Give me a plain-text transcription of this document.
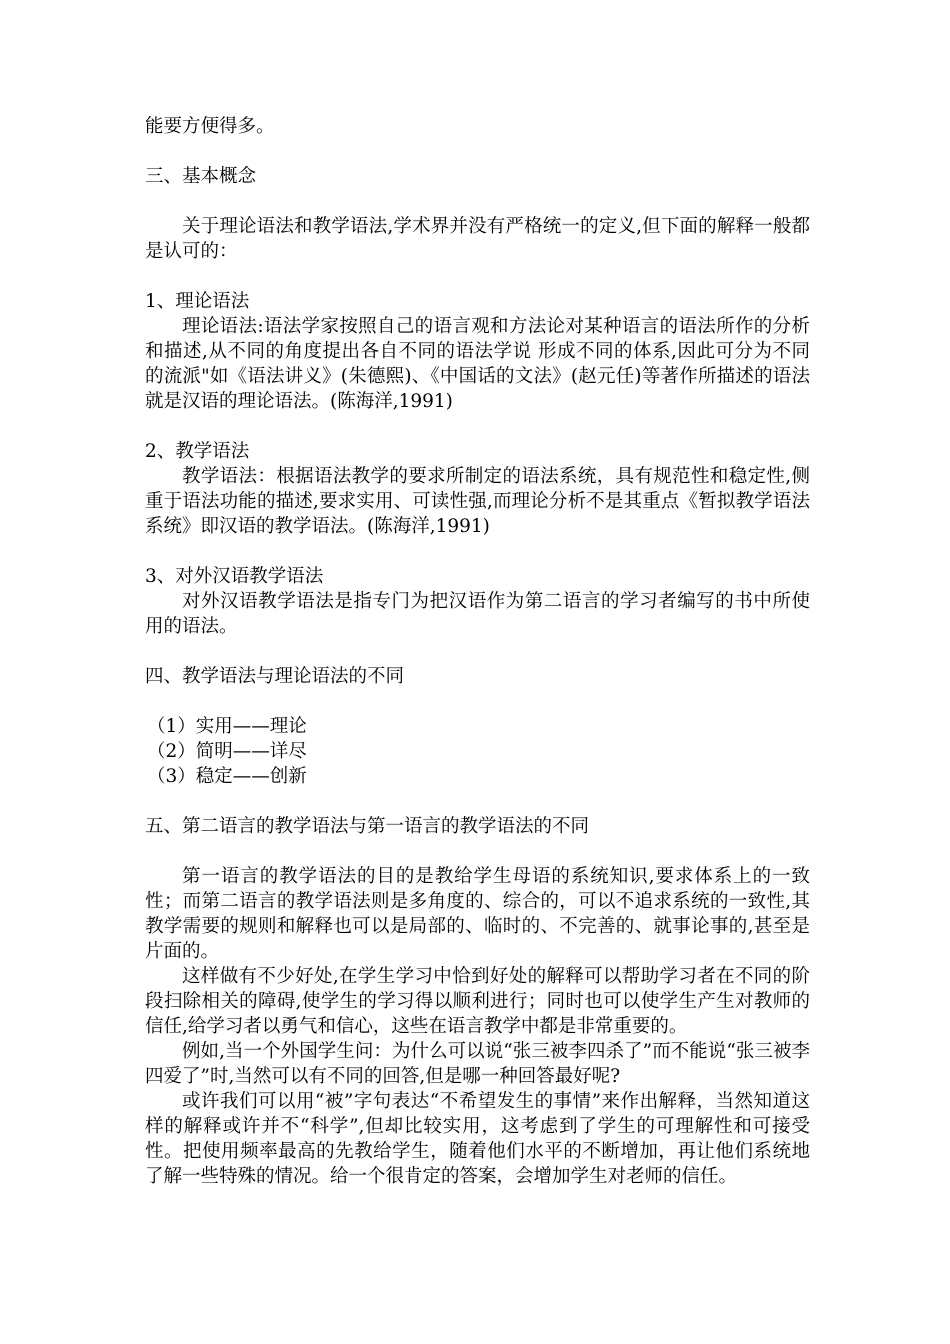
能要方便得多。

三、基本概念

关于理论语法和教学语法,学术界并没有严格统一的定义,但下面的解释一般都是认可的：

1、理论语法

理论语法:语法学家按照自己的语言观和方法论对某种语言的语法所作的分析和描述,从不同的角度提出各自不同的语法学说 形成不同的体系,因此可分为不同的流派"如《语法讲义》(朱德熙)、《中国话的文法》(赵元任)等著作所描述的语法就是汉语的理论语法。(陈海洋,1991)

2、教学语法

教学语法：根据语法教学的要求所制定的语法系统，具有规范性和稳定性,侧重于语法功能的描述,要求实用、可读性强,而理论分析不是其重点《暂拟教学语法系统》即汉语的教学语法。(陈海洋,1991)

3、对外汉语教学语法

对外汉语教学语法是指专门为把汉语作为第二语言的学习者编写的书中所使用的语法。

四、教学语法与理论语法的不同

（1）实用——理论

（2）简明——详尽

（3）稳定——创新

五、第二语言的教学语法与第一语言的教学语法的不同

第一语言的教学语法的目的是教给学生母语的系统知识,要求体系上的一致性；而第二语言的教学语法则是多角度的、综合的，可以不追求系统的一致性,其教学需要的规则和解释也可以是局部的、临时的、不完善的、就事论事的,甚至是片面的。

这样做有不少好处,在学生学习中恰到好处的解释可以帮助学习者在不同的阶段扫除相关的障碍,使学生的学习得以顺利进行；同时也可以使学生产生对教师的信任,给学习者以勇气和信心，这些在语言教学中都是非常重要的。

例如,当一个外国学生问：为什么可以说“张三被李四杀了”而不能说“张三被李四爱了”时,当然可以有不同的回答,但是哪一种回答最好呢?

或许我们可以用“被”字句表达“不希望发生的事情”来作出解释，当然知道这样的解释或许并不“科学”,但却比较实用，这考虑到了学生的可理解性和可接受性。把使用频率最高的先教给学生，随着他们水平的不断增加，再让他们系统地了解一些特殊的情况。给一个很肯定的答案，会增加学生对老师的信任。
